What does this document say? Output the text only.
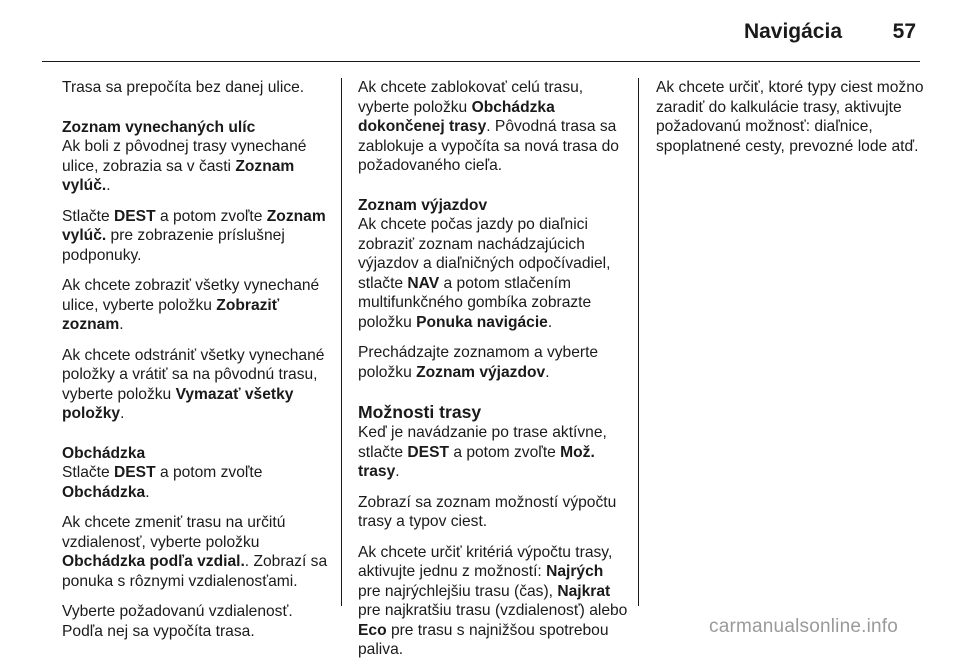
Navigácia 57
Trasa sa prepočíta bez danej ulice.
Zoznam vynechaných ulíc
Ak boli z pôvodnej trasy vynechané ulice, zobrazia sa v časti Zoznam vylúč..
Stlačte DEST a potom zvoľte Zoznam vylúč. pre zobrazenie príslušnej podponuky.
Ak chcete zobraziť všetky vynechané ulice, vyberte položku Zobraziť zoznam.
Ak chcete odstrániť všetky vynechané položky a vrátiť sa na pôvodnú trasu, vyberte položku Vymazať všetky položky.
Obchádzka
Stlačte DEST a potom zvoľte Obchádzka.
Ak chcete zmeniť trasu na určitú vzdialenosť, vyberte položku Obchádzka podľa vzdial.. Zobrazí sa ponuka s rôznymi vzdialenosťami.
Vyberte požadovanú vzdialenosť. Podľa nej sa vypočíta trasa.
Ak chcete zablokovať celú trasu, vyberte položku Obchádzka dokončenej trasy. Pôvodná trasa sa zablokuje a vypočíta sa nová trasa do požadovaného cieľa.
Zoznam výjazdov
Ak chcete počas jazdy po diaľnici zobraziť zoznam nachádzajúcich výjazdov a diaľničných odpočívadiel, stlačte NAV a potom stlačením multifunkčného gombíka zobrazte položku Ponuka navigácie.
Prechádzajte zoznamom a vyberte položku Zoznam výjazdov.
Možnosti trasy
Keď je navádzanie po trase aktívne, stlačte DEST a potom zvoľte Mož. trasy.
Zobrazí sa zoznam možností výpočtu trasy a typov ciest.
Ak chcete určiť kritériá výpočtu trasy, aktivujte jednu z možností: Najrých pre najrýchlejšiu trasu (čas), Najkrat pre najkratšiu trasu (vzdialenosť) alebo Eco pre trasu s najnižšou spotrebou paliva.
Ak chcete určiť, ktoré typy ciest možno zaradiť do kalkulácie trasy, aktivujte požadovanú možnosť: diaľnice, spoplatnené cesty, prevozné lode atď.
carmanualsonline.info
